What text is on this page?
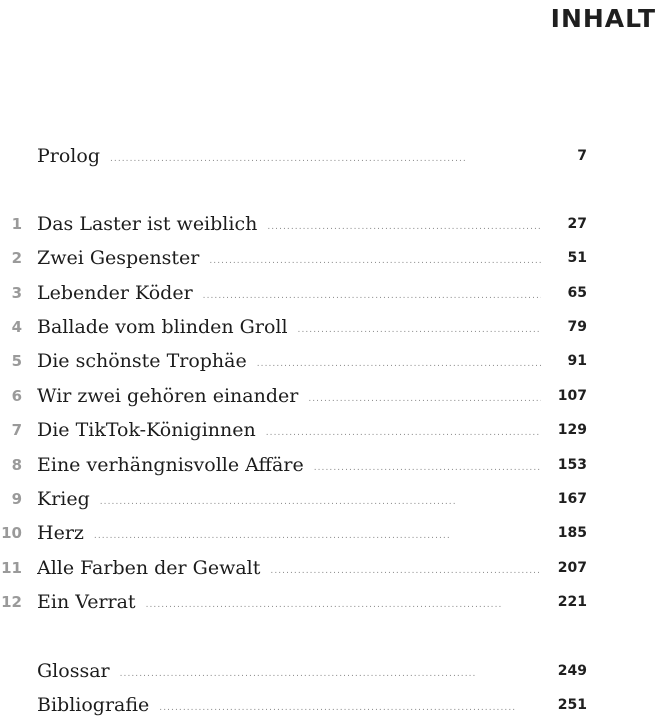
INHALT
Prolog . . .	7
1 Das Laster ist weiblich . . .	27
2 Zwei Gespenster . . .	51
3 Lebender Köder . . .	65
4 Ballade vom blinden Groll . . .	79
5 Die schönste Trophäe . . .	91
6 Wir zwei gehören einander . . .	107
7 Die TikTok-Königinnen . . .	129
8 Eine verhängnisvolle Affäre . . .	153
9 Krieg . . .	167
10 Herz . . .	185
11 Alle Farben der Gewalt . . .	207
12 Ein Verrat . . .	221
Glossar . . .	249
Bibliografie . . .	251
